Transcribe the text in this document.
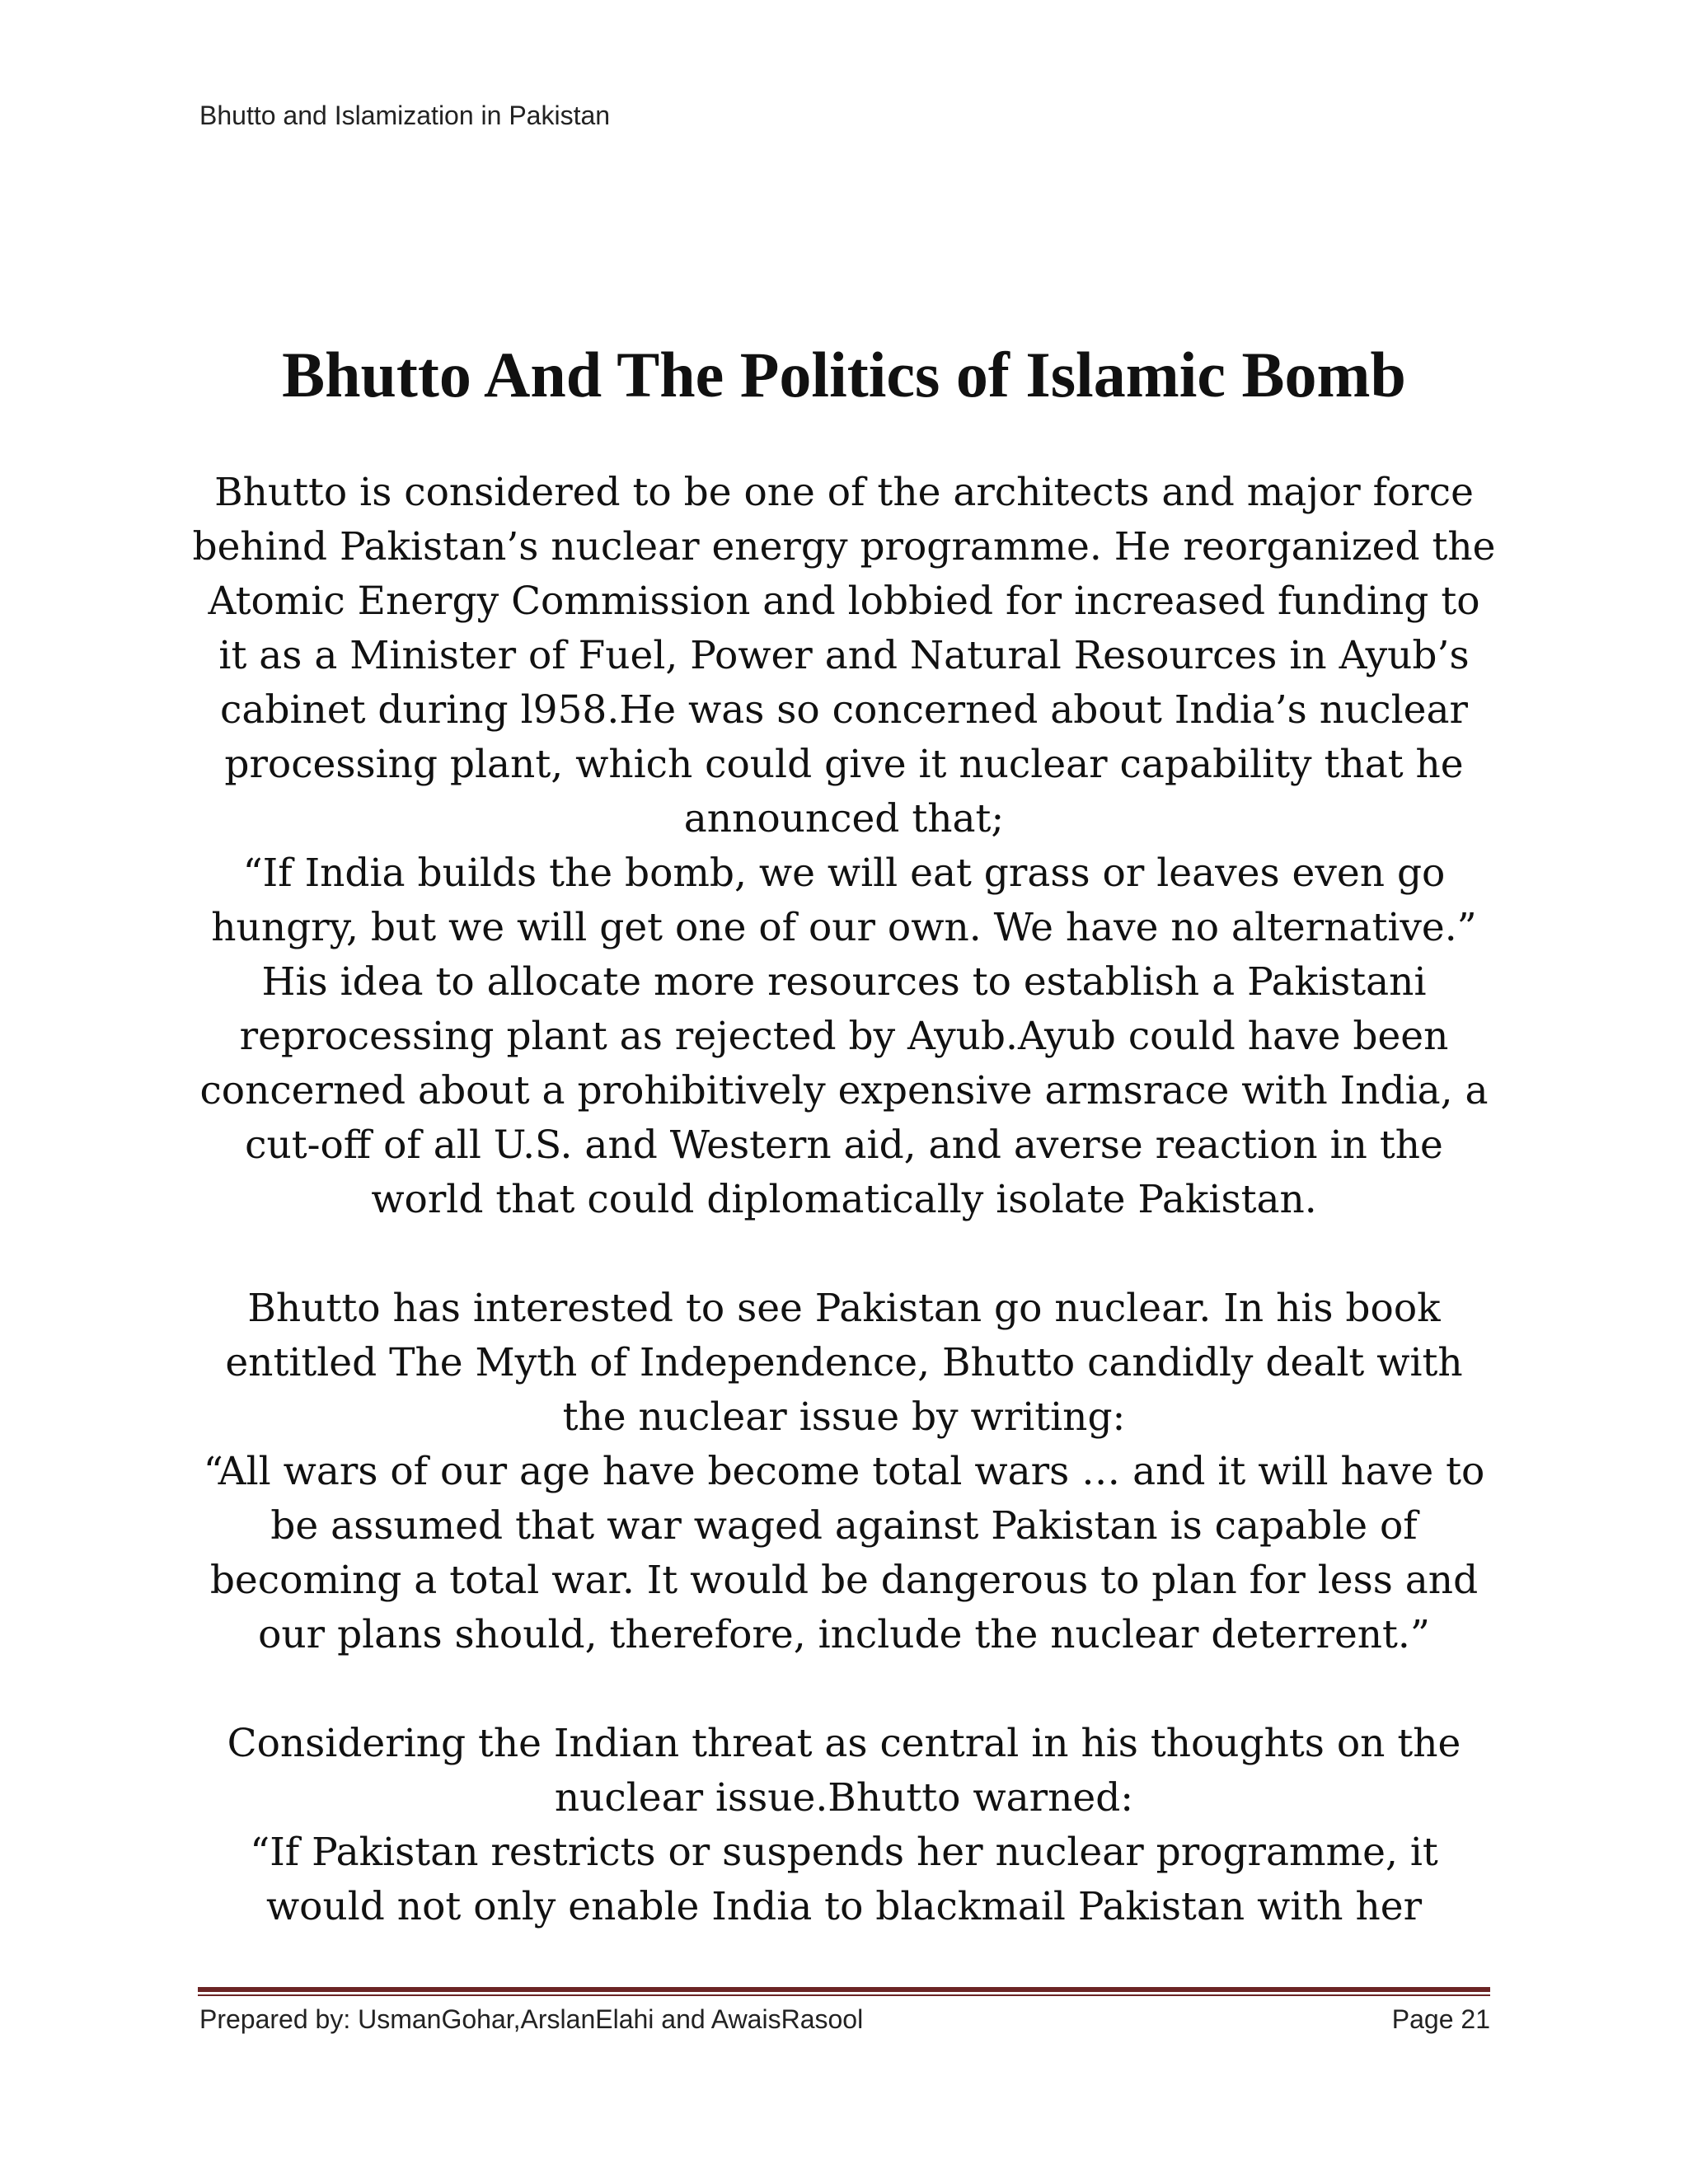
Bhutto and Islamization in Pakistan
Bhutto And The Politics of Islamic Bomb
Bhutto is considered to be one of the architects and major force
behind Pakistan’s nuclear energy programme. He reorganized the
Atomic Energy Commission and lobbied for increased funding to
it as a Minister of Fuel, Power and Natural Resources in Ayub’s
cabinet during l958.He was so concerned about India’s nuclear
processing plant, which could give it nuclear capability that he
announced that;
“If India builds the bomb, we will eat grass or leaves even go
hungry, but we will get one of our own. We have no alternative.”
His idea to allocate more resources to establish a Pakistani
reprocessing plant as rejected by Ayub.Ayub could have been
concerned about a prohibitively expensive armsrace with India, a
cut-off of all U.S. and Western aid, and averse reaction in the
world that could diplomatically isolate Pakistan.
Bhutto has interested to see Pakistan go nuclear. In his book
entitled The Myth of Independence, Bhutto candidly dealt with
the nuclear issue by writing:
“All wars of our age have become total wars … and it will have to
be assumed that war waged against Pakistan is capable of
becoming a total war. It would be dangerous to plan for less and
our plans should, therefore, include the nuclear deterrent.”
Considering the Indian threat as central in his thoughts on the
nuclear issue.Bhutto warned:
“If Pakistan restricts or suspends her nuclear programme, it
would not only enable India to blackmail Pakistan with her
Prepared by: UsmanGohar,ArslanElahi and AwaisRasool	Page 21
